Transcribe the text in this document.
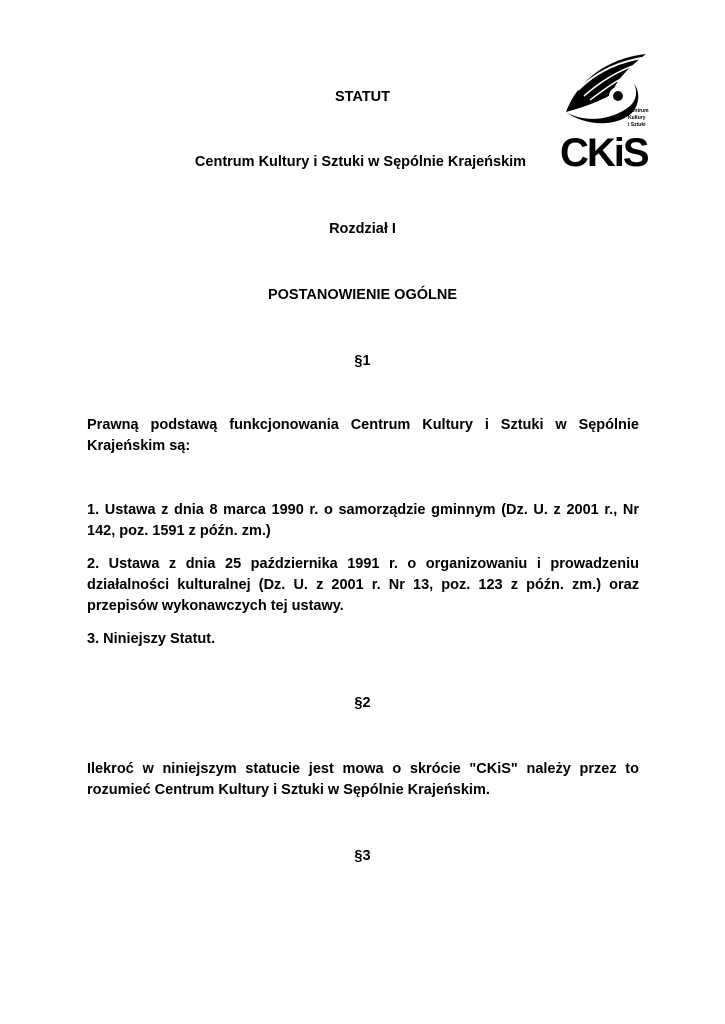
Centrum
Kultury
i Sztuki
CKiS

STATUT

Centrum Kultury i Sztuki w Sępólnie Krajeńskim

Rozdział I

POSTANOWIENIE OGÓLNE

§1

Prawną podstawą funkcjonowania Centrum Kultury i Sztuki w Sępólnie Krajeńskim są:

1. Ustawa z dnia 8 marca 1990 r. o samorządzie gminnym (Dz. U. z 2001 r., Nr 142, poz. 1591 z późn. zm.)

2. Ustawa z dnia 25 października 1991 r. o organizowaniu i prowadzeniu działalności kulturalnej (Dz. U. z 2001 r. Nr 13, poz. 123 z późn. zm.) oraz przepisów wykonawczych tej ustawy.

3. Niniejszy Statut.

§2

Ilekroć w niniejszym statucie jest mowa o skrócie "CKiS" należy przez to rozumieć Centrum Kultury i Sztuki w Sępólnie Krajeńskim.

§3
